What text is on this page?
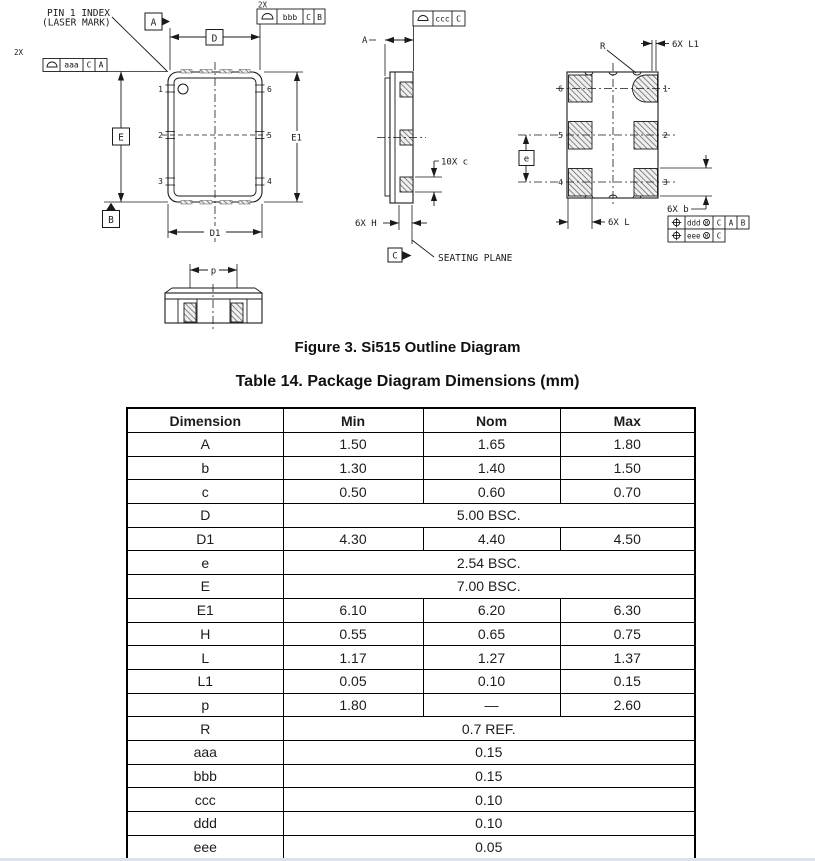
1
2
3
6
5
4
PIN 1 INDEX
(LASER MARK)
D
A
2X
bbb C B
2X
aaa C A
E
B
E1
D1
ccc C
A
10X c
6X H
C	SEATING PLANE
6
5
4
1
2
3
R	6X L1
e
6X L
6X b
ddd M C A B
eee M C
p
Figure 3. Si515 Outline Diagram
Table 14. Package Diagram Dimensions (mm)
Dimension	Min	Nom	Max
A	1.50	1.65	1.80
b	1.30	1.40	1.50
c	0.50	0.60	0.70
D	5.00 BSC.		
D1	4.30	4.40	4.50
e	2.54 BSC.		
E	7.00 BSC.		
E1	6.10	6.20	6.30
H	0.55	0.65	0.75
L	1.17	1.27	1.37
L1	0.05	0.10	0.15
p	1.80	—	2.60
R	0.7 REF.		
aaa	0.15		
bbb	0.15		
ccc	0.10		
ddd	0.10		
eee	0.05		
